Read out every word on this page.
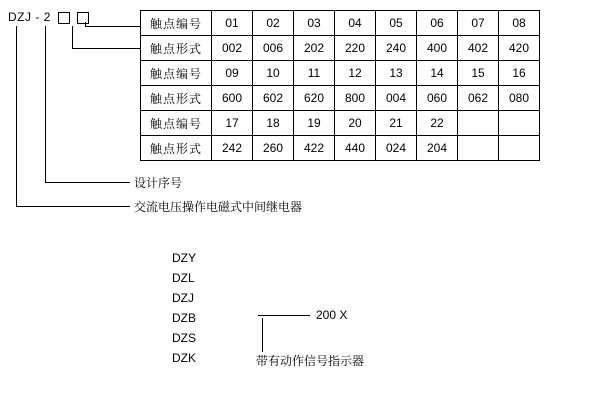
DZJ - 2
设计序号
交流电压操作电磁式中间继电器
触点编号	01	02	03	04	05	06	07	08
触点形式	002	006	202	220	240	400	402	420
触点编号	09	10	11	12	13	14	15	16
触点形式	600	602	620	800	004	060	062	080
触点编号	17	18	19	20	21	22		
触点形式	242	260	422	440	024	204		
DZY
DZL
DZJ
DZB
DZS
DZK
200 X
带有动作信号指示器
